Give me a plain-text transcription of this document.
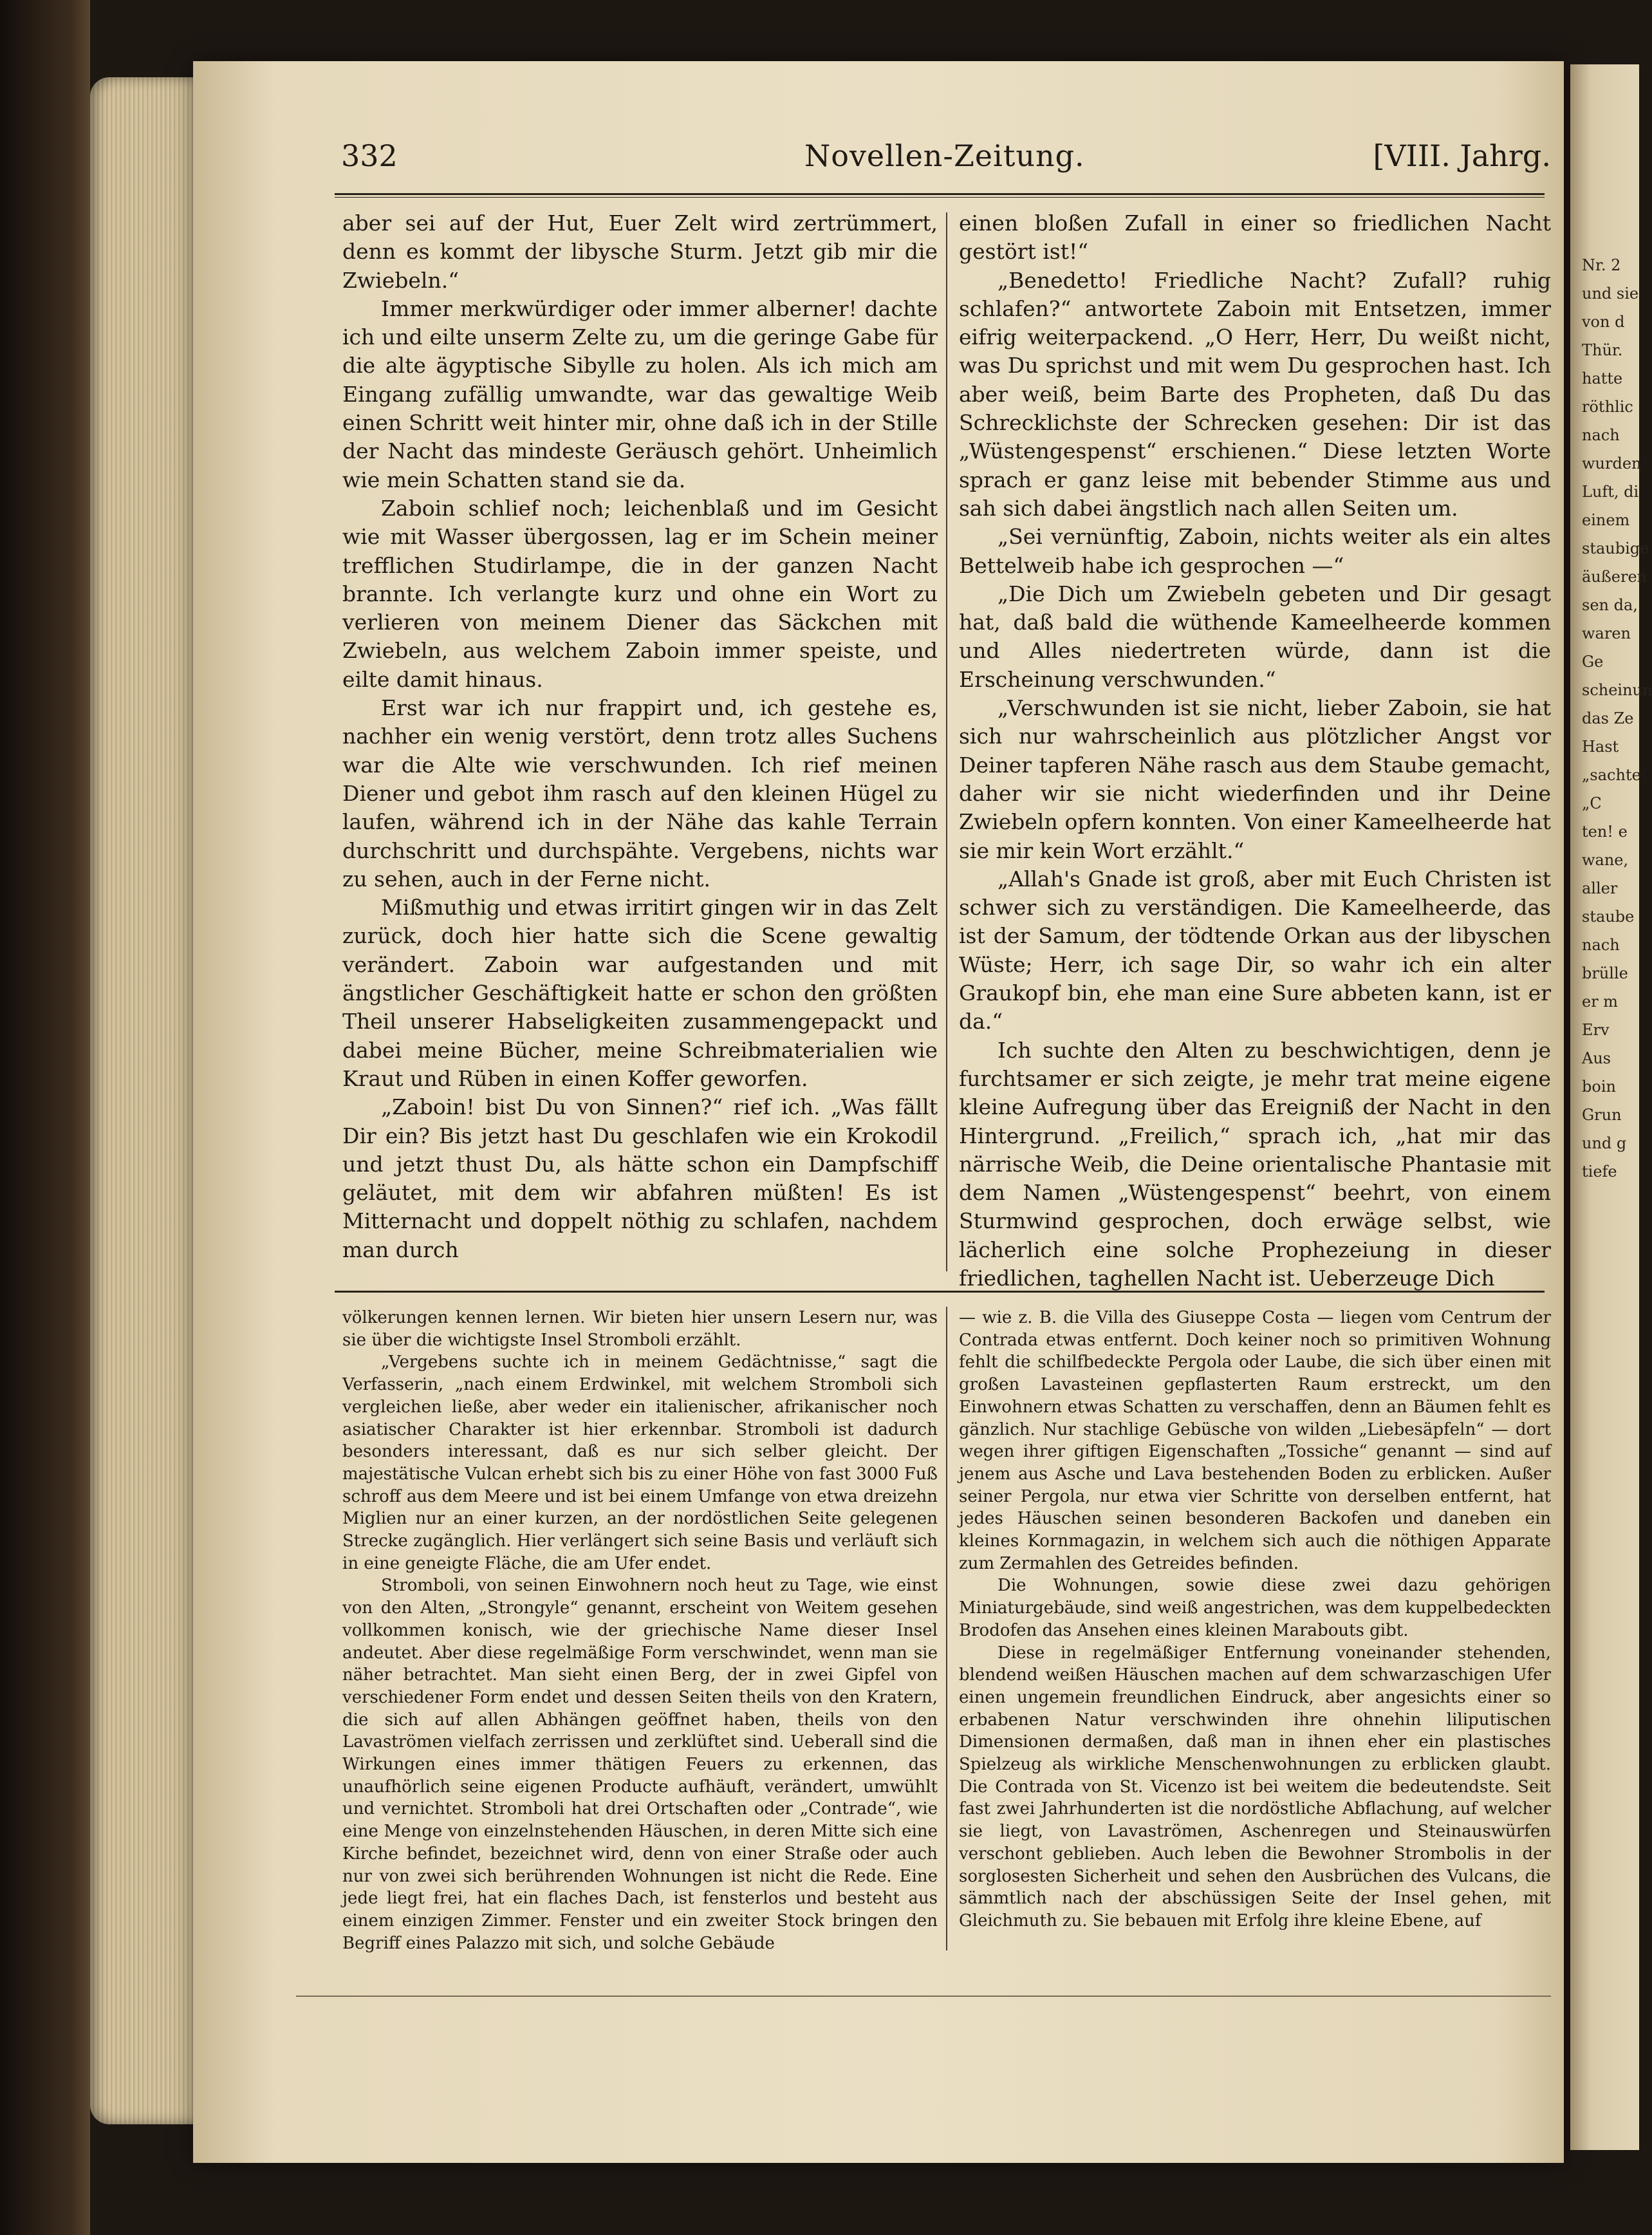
332	Novellen-Zeitung.	[VIII. Jahrg.

aber sei auf der Hut, Euer Zelt wird zertrümmert, denn es kommt der libysche Sturm. Jetzt gib mir die Zwiebeln.“

Immer merkwürdiger oder immer alberner! dachte ich und eilte unserm Zelte zu, um die geringe Gabe für die alte ägyptische Sibylle zu holen. Als ich mich am Eingang zufällig umwandte, war das gewaltige Weib einen Schritt weit hinter mir, ohne daß ich in der Stille der Nacht das mindeste Geräusch gehört. Unheimlich wie mein Schatten stand sie da.

Zaboin schlief noch; leichenblaß und im Gesicht wie mit Wasser übergossen, lag er im Schein meiner trefflichen Studirlampe, die in der ganzen Nacht brannte. Ich verlangte kurz und ohne ein Wort zu verlieren von meinem Diener das Säckchen mit Zwiebeln, aus welchem Zaboin immer speiste, und eilte damit hinaus.

Erst war ich nur frappirt und, ich gestehe es, nachher ein wenig verstört, denn trotz alles Suchens war die Alte wie verschwunden. Ich rief meinen Diener und gebot ihm rasch auf den kleinen Hügel zu laufen, während ich in der Nähe das kahle Terrain durchschritt und durchspähte. Vergebens, nichts war zu sehen, auch in der Ferne nicht.

Mißmuthig und etwas irritirt gingen wir in das Zelt zurück, doch hier hatte sich die Scene gewaltig verändert. Zaboin war aufgestanden und mit ängstlicher Geschäftigkeit hatte er schon den größten Theil unserer Habseligkeiten zusammengepackt und dabei meine Bücher, meine Schreibmaterialien wie Kraut und Rüben in einen Koffer geworfen.

„Zaboin! bist Du von Sinnen?“ rief ich. „Was fällt Dir ein? Bis jetzt hast Du geschlafen wie ein Krokodil und jetzt thust Du, als hätte schon ein Dampfschiff geläutet, mit dem wir abfahren müßten! Es ist Mitternacht und doppelt nöthig zu schlafen, nachdem man durch

einen bloßen Zufall in einer so friedlichen Nacht gestört ist!“

„Benedetto! Friedliche Nacht? Zufall? ruhig schlafen?“ antwortete Zaboin mit Entsetzen, immer eifrig weiterpackend. „O Herr, Herr, Du weißt nicht, was Du sprichst und mit wem Du gesprochen hast. Ich aber weiß, beim Barte des Propheten, daß Du das Schrecklichste der Schrecken gesehen: Dir ist das „Wüstengespenst“ erschienen.“ Diese letzten Worte sprach er ganz leise mit bebender Stimme aus und sah sich dabei ängstlich nach allen Seiten um.

„Sei vernünftig, Zaboin, nichts weiter als ein altes Bettelweib habe ich gesprochen —“

„Die Dich um Zwiebeln gebeten und Dir gesagt hat, daß bald die wüthende Kameelheerde kommen und Alles niedertreten würde, dann ist die Erscheinung verschwunden.“

„Verschwunden ist sie nicht, lieber Zaboin, sie hat sich nur wahrscheinlich aus plötzlicher Angst vor Deiner tapferen Nähe rasch aus dem Staube gemacht, daher wir sie nicht wiederfinden und ihr Deine Zwiebeln opfern konnten. Von einer Kameelheerde hat sie mir kein Wort erzählt.“

„Allah's Gnade ist groß, aber mit Euch Christen ist schwer sich zu verständigen. Die Kameelheerde, das ist der Samum, der tödtende Orkan aus der libyschen Wüste; Herr, ich sage Dir, so wahr ich ein alter Graukopf bin, ehe man eine Sure abbeten kann, ist er da.“

Ich suchte den Alten zu beschwichtigen, denn je furchtsamer er sich zeigte, je mehr trat meine eigene kleine Aufregung über das Ereigniß der Nacht in den Hintergrund. „Freilich,“ sprach ich, „hat mir das närrische Weib, die Deine orientalische Phantasie mit dem Namen „Wüstengespenst“ beehrt, von einem Sturmwind gesprochen, doch erwäge selbst, wie lächerlich eine solche Prophezeiung in dieser friedlichen, taghellen Nacht ist. Ueberzeuge Dich

völkerungen kennen lernen. Wir bieten hier unsern Lesern nur, was sie über die wichtigste Insel Stromboli erzählt.

„Vergebens suchte ich in meinem Gedächtnisse,“ sagt die Verfasserin, „nach einem Erdwinkel, mit welchem Stromboli sich vergleichen ließe, aber weder ein italienischer, afrikanischer noch asiatischer Charakter ist hier erkennbar. Stromboli ist dadurch besonders interessant, daß es nur sich selber gleicht. Der majestätische Vulcan erhebt sich bis zu einer Höhe von fast 3000 Fuß schroff aus dem Meere und ist bei einem Umfange von etwa dreizehn Miglien nur an einer kurzen, an der nordöstlichen Seite gelegenen Strecke zugänglich. Hier verlängert sich seine Basis und verläuft sich in eine geneigte Fläche, die am Ufer endet.

Stromboli, von seinen Einwohnern noch heut zu Tage, wie einst von den Alten, „Strongyle“ genannt, erscheint von Weitem gesehen vollkommen konisch, wie der griechische Name dieser Insel andeutet. Aber diese regelmäßige Form verschwindet, wenn man sie näher betrachtet. Man sieht einen Berg, der in zwei Gipfel von verschiedener Form endet und dessen Seiten theils von den Kratern, die sich auf allen Abhängen geöffnet haben, theils von den Lavaströmen vielfach zerrissen und zerklüftet sind. Ueberall sind die Wirkungen eines immer thätigen Feuers zu erkennen, das unaufhörlich seine eigenen Producte aufhäuft, verändert, umwühlt und vernichtet. Stromboli hat drei Ortschaften oder „Contrade“, wie eine Menge von einzelnstehenden Häuschen, in deren Mitte sich eine Kirche befindet, bezeichnet wird, denn von einer Straße oder auch nur von zwei sich berührenden Wohnungen ist nicht die Rede. Eine jede liegt frei, hat ein flaches Dach, ist fensterlos und besteht aus einem einzigen Zimmer. Fenster und ein zweiter Stock bringen den Begriff eines Palazzo mit sich, und solche Gebäude

— wie z. B. die Villa des Giuseppe Costa — liegen vom Centrum der Contrada etwas entfernt. Doch keiner noch so primitiven Wohnung fehlt die schilfbedeckte Pergola oder Laube, die sich über einen mit großen Lavasteinen gepflasterten Raum erstreckt, um den Einwohnern etwas Schatten zu verschaffen, denn an Bäumen fehlt es gänzlich. Nur stachlige Gebüsche von wilden „Liebesäpfeln“ — dort wegen ihrer giftigen Eigenschaften „Tossiche“ genannt — sind auf jenem aus Asche und Lava bestehenden Boden zu erblicken. Außer seiner Pergola, nur etwa vier Schritte von derselben entfernt, hat jedes Häuschen seinen besonderen Backofen und daneben ein kleines Kornmagazin, in welchem sich auch die nöthigen Apparate zum Zermahlen des Getreides befinden.

Die Wohnungen, sowie diese zwei dazu gehörigen Miniaturgebäude, sind weiß angestrichen, was dem kuppelbedeckten Brodofen das Ansehen eines kleinen Marabouts gibt.

Diese in regelmäßiger Entfernung voneinander stehenden, blendend weißen Häuschen machen auf dem schwarzaschigen Ufer einen ungemein freundlichen Eindruck, aber angesichts einer so erbabenen Natur verschwinden ihre ohnehin liliputischen Dimensionen dermaßen, daß man in ihnen eher ein plastisches Spielzeug als wirkliche Menschenwohnungen zu erblicken glaubt. Die Contrada von St. Vicenzo ist bei weitem die bedeutendste. Seit fast zwei Jahrhunderten ist die nordöstliche Abflachung, auf welcher sie liegt, von Lavaströmen, Aschenregen und Steinauswürfen verschont geblieben. Auch leben die Bewohner Strombolis in der sorglosesten Sicherheit und sehen den Ausbrüchen des Vulcans, die sämmtlich nach der abschüssigen Seite der Insel gehen, mit Gleichmuth zu. Sie bebauen mit Erfolg ihre kleine Ebene, auf

Nr. 2
und sie
von d
Thür.
hatte
röthlic
nach
wurden
Luft, di
einem
staubige
äußeren
sen da,
waren
Ge
scheinun
das Ze
Hast
„sachte
„C
ten! e
wane,
aller
staube
nach
brülle
er m
Erv
Aus
boin
Grun
und g
tiefe
